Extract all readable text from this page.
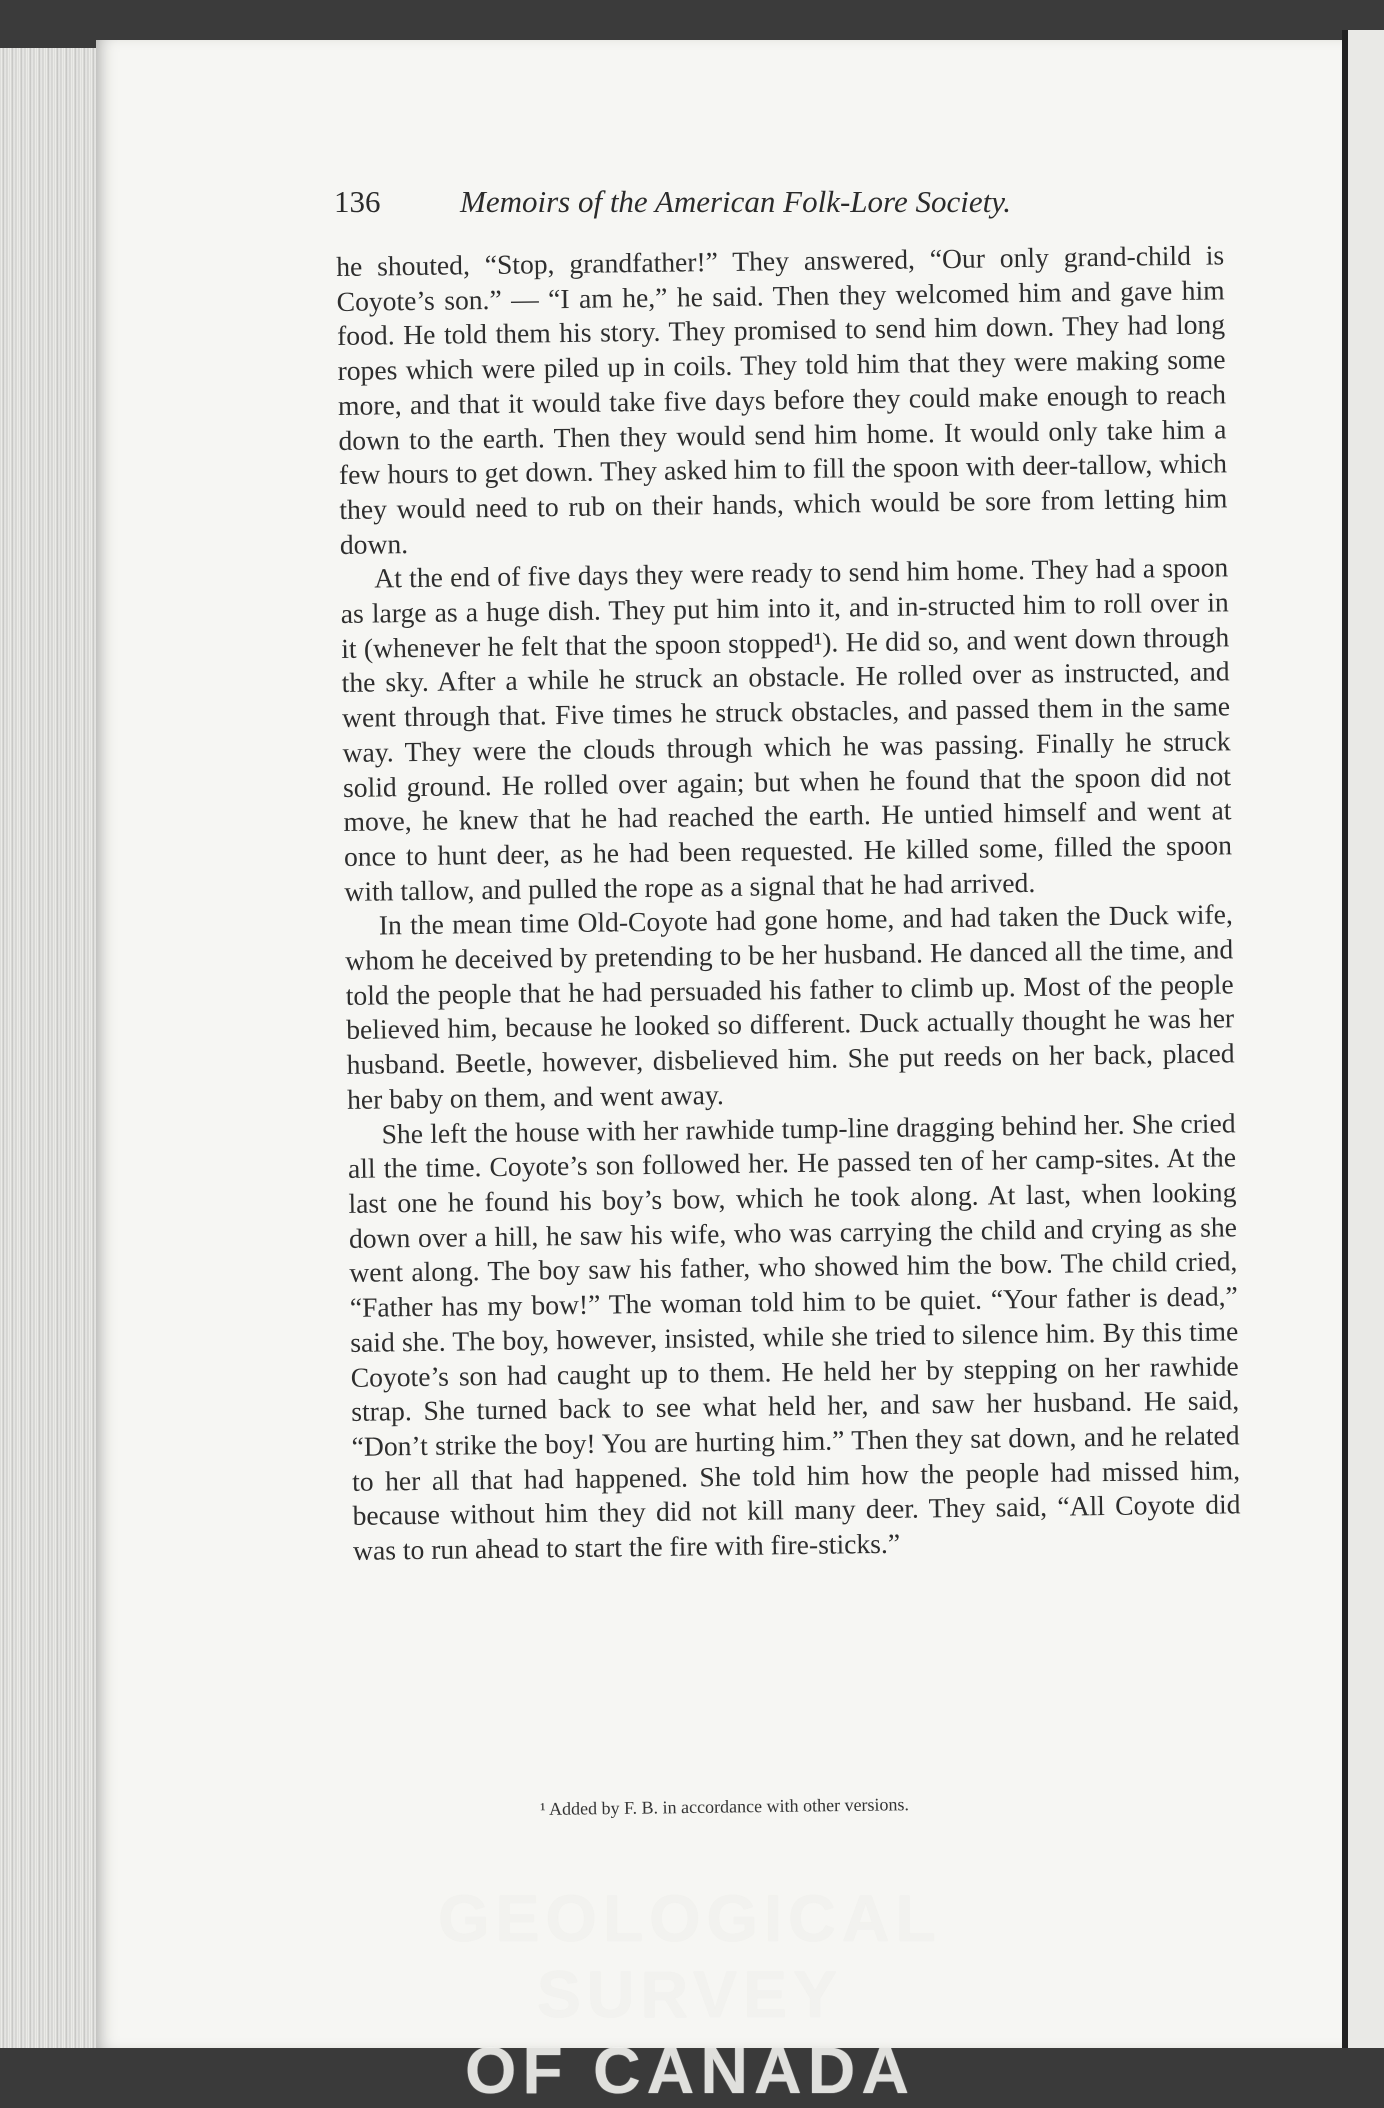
136	Memoirs of the American Folk-Lore Society.

he shouted, “Stop, grandfather!” They answered, “Our only grand-child is Coyote’s son.” — “I am he,” he said. Then they welcomed him and gave him food. He told them his story. They promised to send him down. They had long ropes which were piled up in coils. They told him that they were making some more, and that it would take five days before they could make enough to reach down to the earth. Then they would send him home. It would only take him a few hours to get down. They asked him to fill the spoon with deer-tallow, which they would need to rub on their hands, which would be sore from letting him down.

At the end of five days they were ready to send him home. They had a spoon as large as a huge dish. They put him into it, and in-structed him to roll over in it (whenever he felt that the spoon stopped¹). He did so, and went down through the sky. After a while he struck an obstacle. He rolled over as instructed, and went through that. Five times he struck obstacles, and passed them in the same way. They were the clouds through which he was passing. Finally he struck solid ground. He rolled over again; but when he found that the spoon did not move, he knew that he had reached the earth. He untied himself and went at once to hunt deer, as he had been requested. He killed some, filled the spoon with tallow, and pulled the rope as a signal that he had arrived.

In the mean time Old-Coyote had gone home, and had taken the Duck wife, whom he deceived by pretending to be her husband. He danced all the time, and told the people that he had persuaded his father to climb up. Most of the people believed him, because he looked so different. Duck actually thought he was her husband. Beetle, however, disbelieved him. She put reeds on her back, placed her baby on them, and went away.

She left the house with her rawhide tump-line dragging behind her. She cried all the time. Coyote’s son followed her. He passed ten of her camp-sites. At the last one he found his boy’s bow, which he took along. At last, when looking down over a hill, he saw his wife, who was carrying the child and crying as she went along. The boy saw his father, who showed him the bow. The child cried, “Father has my bow!” The woman told him to be quiet. “Your father is dead,” said she. The boy, however, insisted, while she tried to silence him. By this time Coyote’s son had caught up to them. He held her by stepping on her rawhide strap. She turned back to see what held her, and saw her husband. He said, “Don’t strike the boy! You are hurting him.” Then they sat down, and he related to her all that had happened. She told him how the people had missed him, because without him they did not kill many deer. They said, “All Coyote did was to run ahead to start the fire with fire-sticks.”

¹ Added by F. B. in accordance with other versions.
GEOLOGICAL SURVEY
OF CANADA
